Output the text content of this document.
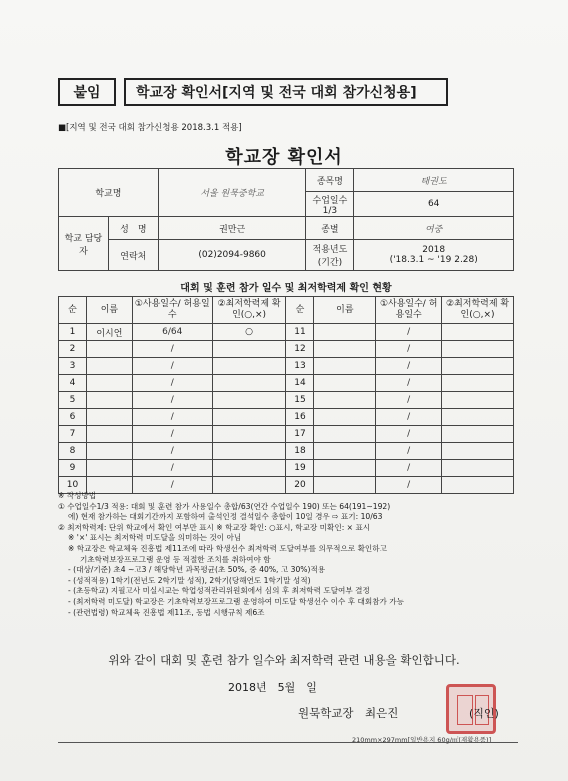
붙임	학교장 확인서[지역 및 전국 대회 참가신청용]
■[지역 및 전국 대회 참가신청용 2018.3.1 적용]
학교장 확인서
학교명		서울 원묵중학교	종목명	태권도
			수업일수 1/3	64
학교 담당자	성　명	권만근	종별	여중
	연락처	(02)2094-9860	적용년도 (기간)	2018
('18.3.1 ~ '19 2.28)
대회 및 훈련 참가 일수 및 최저학력제 확인 현황
순	이름	①사용일수/ 허용일수	②최저학력제 확인(○,×)	순	이름	①사용일수/ 허용일수	②최저학력제 확인(○,×)
1	이시언	6/64	○	11		/	
2		/		12		/	
3		/		13		/	
4		/		14		/	
5		/		15		/	
6		/		16		/	
7		/		17		/	
8		/		18		/	
9		/		19		/	
10		/		20		/	
※ 작성방법
① 수업일수1/3 적용: 대회 및 훈련 참가 사용일수 총합/63(연간 수업일수 190) 또는 64(191~192)
에) 현재 참가하는 대회기간까지 포함하여 출석인정 결석일수 총합이 10일 경우 ⇨ 표기: 10/63
② 최저학력제: 단위 학교에서 확인 여부만 표시 ※ 학교장 확인: ○표시, 학교장 미확인: × 표시
※ '×' 표시는 최저학력 미도달을 의미하는 것이 아님
※ 학교장은 학교체육 진흥법 제11조에 따라 학생선수 최저학력 도달여부를 의무적으로 확인하고
기초학력보장프로그램 운영 등 적절한 조치를 취하여야 함
- (대상/기준) 초4 ~고3 / 해당학년 과목평균(초 50%, 중 40%, 고 30%)적용
- (성적적용) 1학기(전년도 2학기말 성적), 2학기(당해연도 1학기말 성적)
- (초등학교) 지필고사 미실시교는 학업성적관리위원회에서 심의 후 최저학력 도달여부 결정
- (최저학력 미도달) 학교장은 기초학력보장프로그램 운영하여 미도달 학생선수 이수 후 대회참가 가능
- (관련법령) 학교체육 진흥법 제11조, 동법 시행규칙 제6조
위와 같이 대회 및 훈련 참가 일수와 최저학력 관련 내용을 확인합니다.
2018년　5월　일
원묵학교장　최은진	(직인)
210mm×297mm[일반용지 60g/㎡(재활용품)]
